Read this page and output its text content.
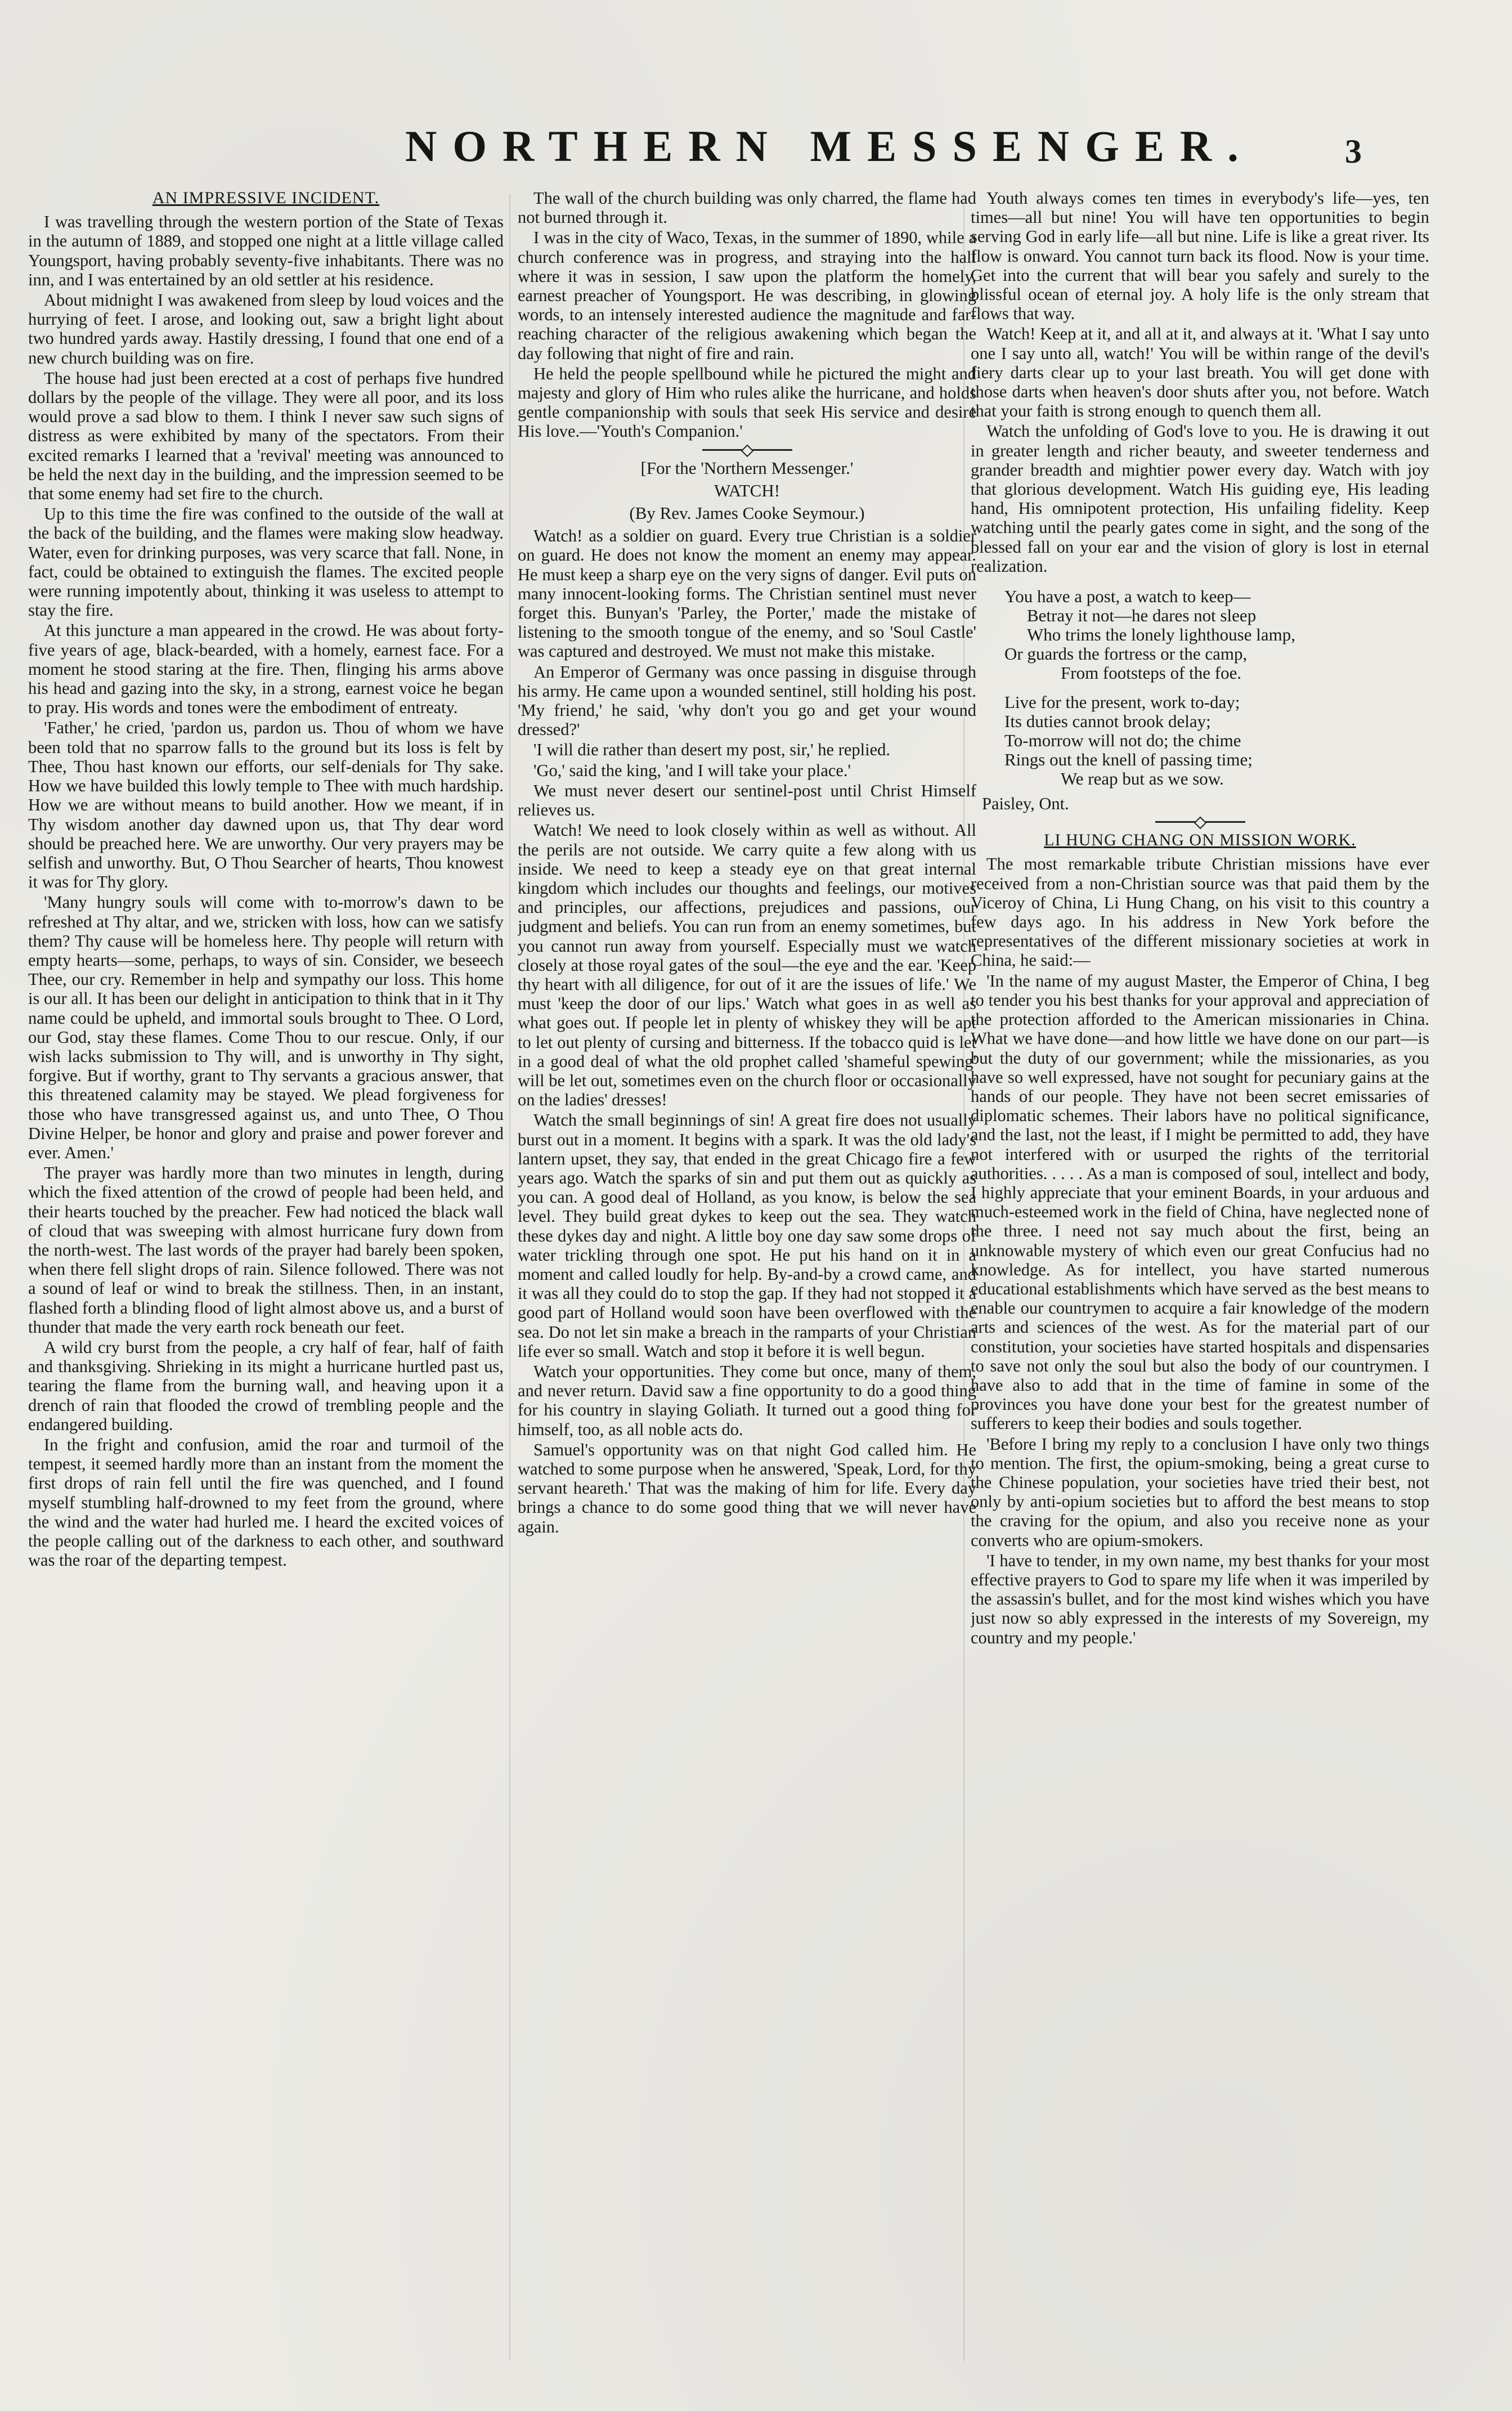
NORTHERN MESSENGER.	3
AN IMPRESSIVE INCIDENT.

I was travelling through the western portion of the State of Texas in the autumn of 1889, and stopped one night at a little village called Youngsport, having probably seventy-five inhabitants. There was no inn, and I was entertained by an old settler at his residence.

About midnight I was awakened from sleep by loud voices and the hurrying of feet. I arose, and looking out, saw a bright light about two hundred yards away. Hastily dressing, I found that one end of a new church building was on fire.

The house had just been erected at a cost of perhaps five hundred dollars by the people of the village. They were all poor, and its loss would prove a sad blow to them. I think I never saw such signs of distress as were exhibited by many of the spectators. From their excited remarks I learned that a 'revival' meeting was announced to be held the next day in the building, and the impression seemed to be that some enemy had set fire to the church.

Up to this time the fire was confined to the outside of the wall at the back of the building, and the flames were making slow headway. Water, even for drinking purposes, was very scarce that fall. None, in fact, could be obtained to extinguish the flames. The excited people were running impotently about, thinking it was useless to attempt to stay the fire.

At this juncture a man appeared in the crowd. He was about forty-five years of age, black-bearded, with a homely, earnest face. For a moment he stood staring at the fire. Then, flinging his arms above his head and gazing into the sky, in a strong, earnest voice he began to pray. His words and tones were the embodiment of entreaty.

'Father,' he cried, 'pardon us, pardon us. Thou of whom we have been told that no sparrow falls to the ground but its loss is felt by Thee, Thou hast known our efforts, our self-denials for Thy sake. How we have builded this lowly temple to Thee with much hardship. How we are without means to build another. How we meant, if in Thy wisdom another day dawned upon us, that Thy dear word should be preached here. We are unworthy. Our very prayers may be selfish and unworthy. But, O Thou Searcher of hearts, Thou knowest it was for Thy glory.

'Many hungry souls will come with to-morrow's dawn to be refreshed at Thy altar, and we, stricken with loss, how can we satisfy them? Thy cause will be homeless here. Thy people will return with empty hearts—some, perhaps, to ways of sin. Consider, we beseech Thee, our cry. Remember in help and sympathy our loss. This home is our all. It has been our delight in anticipation to think that in it Thy name could be upheld, and immortal souls brought to Thee. O Lord, our God, stay these flames. Come Thou to our rescue. Only, if our wish lacks submission to Thy will, and is unworthy in Thy sight, forgive. But if worthy, grant to Thy servants a gracious answer, that this threatened calamity may be stayed. We plead forgiveness for those who have transgressed against us, and unto Thee, O Thou Divine Helper, be honor and glory and praise and power forever and ever. Amen.'

The prayer was hardly more than two minutes in length, during which the fixed attention of the crowd of people had been held, and their hearts touched by the preacher. Few had noticed the black wall of cloud that was sweeping with almost hurricane fury down from the north-west. The last words of the prayer had barely been spoken, when there fell slight drops of rain. Silence followed. There was not a sound of leaf or wind to break the stillness. Then, in an instant, flashed forth a blinding flood of light almost above us, and a burst of thunder that made the very earth rock beneath our feet.

A wild cry burst from the people, a cry half of fear, half of faith and thanksgiving. Shrieking in its might a hurricane hurtled past us, tearing the flame from the burning wall, and heaving upon it a drench of rain that flooded the crowd of trembling people and the endangered building.

In the fright and confusion, amid the roar and turmoil of the tempest, it seemed hardly more than an instant from the moment the first drops of rain fell until the fire was quenched, and I found myself stumbling half-drowned to my feet from the ground, where the wind and the water had hurled me. I heard the excited voices of the people calling out of the darkness to each other, and southward was the roar of the departing tempest.

The wall of the church building was only charred, the flame had not burned through it.

I was in the city of Waco, Texas, in the summer of 1890, while a church conference was in progress, and straying into the hall where it was in session, I saw upon the platform the homely, earnest preacher of Youngsport. He was describing, in glowing words, to an intensely interested audience the magnitude and far-reaching character of the religious awakening which began the day following that night of fire and rain.

He held the people spellbound while he pictured the might and majesty and glory of Him who rules alike the hurricane, and holds gentle companionship with souls that seek His service and desire His love.—'Youth's Companion.'

[For the 'Northern Messenger.'
WATCH!
(By Rev. James Cooke Seymour.)

Watch! as a soldier on guard. Every true Christian is a soldier on guard. He does not know the moment an enemy may appear. He must keep a sharp eye on the very signs of danger. Evil puts on many innocent-looking forms. The Christian sentinel must never forget this. Bunyan's 'Parley, the Porter,' made the mistake of listening to the smooth tongue of the enemy, and so 'Soul Castle' was captured and destroyed. We must not make this mistake.

An Emperor of Germany was once passing in disguise through his army. He came upon a wounded sentinel, still holding his post. 'My friend,' he said, 'why don't you go and get your wound dressed?'

'I will die rather than desert my post, sir,' he replied.

'Go,' said the king, 'and I will take your place.'

We must never desert our sentinel-post until Christ Himself relieves us.

Watch! We need to look closely within as well as without. All the perils are not outside. We carry quite a few along with us inside. We need to keep a steady eye on that great internal kingdom which includes our thoughts and feelings, our motives and principles, our affections, prejudices and passions, our judgment and beliefs. You can run from an enemy sometimes, but you cannot run away from yourself. Especially must we watch closely at those royal gates of the soul—the eye and the ear. 'Keep thy heart with all diligence, for out of it are the issues of life.' We must 'keep the door of our lips.' Watch what goes in as well as what goes out. If people let in plenty of whiskey they will be apt to let out plenty of cursing and bitterness. If the tobacco quid is let in a good deal of what the old prophet called 'shameful spewing' will be let out, sometimes even on the church floor or occasionally on the ladies' dresses!

Watch the small beginnings of sin! A great fire does not usually burst out in a moment. It begins with a spark. It was the old lady's lantern upset, they say, that ended in the great Chicago fire a few years ago. Watch the sparks of sin and put them out as quickly as you can. A good deal of Holland, as you know, is below the sea level. They build great dykes to keep out the sea. They watch these dykes day and night. A little boy one day saw some drops of water trickling through one spot. He put his hand on it in a moment and called loudly for help. By-and-by a crowd came, and it was all they could do to stop the gap. If they had not stopped it a good part of Holland would soon have been overflowed with the sea. Do not let sin make a breach in the ramparts of your Christian life ever so small. Watch and stop it before it is well begun.

Watch your opportunities. They come but once, many of them, and never return. David saw a fine opportunity to do a good thing for his country in slaying Goliath. It turned out a good thing for himself, too, as all noble acts do.

Samuel's opportunity was on that night God called him. He watched to some purpose when he answered, 'Speak, Lord, for thy servant heareth.' That was the making of him for life. Every day brings a chance to do some good thing that we will never have again.

Youth always comes ten times in everybody's life—yes, ten times—all but nine! You will have ten opportunities to begin serving God in early life—all but nine. Life is like a great river. Its flow is onward. You cannot turn back its flood. Now is your time. Get into the current that will bear you safely and surely to the blissful ocean of eternal joy. A holy life is the only stream that flows that way.

Watch! Keep at it, and all at it, and always at it. 'What I say unto one I say unto all, watch!' You will be within range of the devil's fiery darts clear up to your last breath. You will get done with those darts when heaven's door shuts after you, not before. Watch that your faith is strong enough to quench them all.

Watch the unfolding of God's love to you. He is drawing it out in greater length and richer beauty, and sweeter tenderness and grander breadth and mightier power every day. Watch with joy that glorious development. Watch His guiding eye, His leading hand, His omnipotent protection, His unfailing fidelity. Keep watching until the pearly gates come in sight, and the song of the blessed fall on your ear and the vision of glory is lost in eternal realization.

You have a post, a watch to keep—
Betray it not—he dares not sleep
Who trims the lonely lighthouse lamp,
Or guards the fortress or the camp,
From footsteps of the foe.
Live for the present, work to-day;
Its duties cannot brook delay;
To-morrow will not do; the chime
Rings out the knell of passing time;
We reap but as we sow.
Paisley, Ont.
LI HUNG CHANG ON MISSION WORK.

The most remarkable tribute Christian missions have ever received from a non-Christian source was that paid them by the Viceroy of China, Li Hung Chang, on his visit to this country a few days ago. In his address in New York before the representatives of the different missionary societies at work in China, he said:—

'In the name of my august Master, the Emperor of China, I beg to tender you his best thanks for your approval and appreciation of the protection afforded to the American missionaries in China. What we have done—and how little we have done on our part—is but the duty of our government; while the missionaries, as you have so well expressed, have not sought for pecuniary gains at the hands of our people. They have not been secret emissaries of diplomatic schemes. Their labors have no political significance, and the last, not the least, if I might be permitted to add, they have not interfered with or usurped the rights of the territorial authorities. . . . . As a man is composed of soul, intellect and body, I highly appreciate that your eminent Boards, in your arduous and much-esteemed work in the field of China, have neglected none of the three. I need not say much about the first, being an unknowable mystery of which even our great Confucius had no knowledge. As for intellect, you have started numerous educational establishments which have served as the best means to enable our countrymen to acquire a fair knowledge of the modern arts and sciences of the west. As for the material part of our constitution, your societies have started hospitals and dispensaries to save not only the soul but also the body of our countrymen. I have also to add that in the time of famine in some of the provinces you have done your best for the greatest number of sufferers to keep their bodies and souls together.

'Before I bring my reply to a conclusion I have only two things to mention. The first, the opium-smoking, being a great curse to the Chinese population, your societies have tried their best, not only by anti-opium societies but to afford the best means to stop the craving for the opium, and also you receive none as your converts who are opium-smokers.

'I have to tender, in my own name, my best thanks for your most effective prayers to God to spare my life when it was imperiled by the assassin's bullet, and for the most kind wishes which you have just now so ably expressed in the interests of my Sovereign, my country and my people.'
